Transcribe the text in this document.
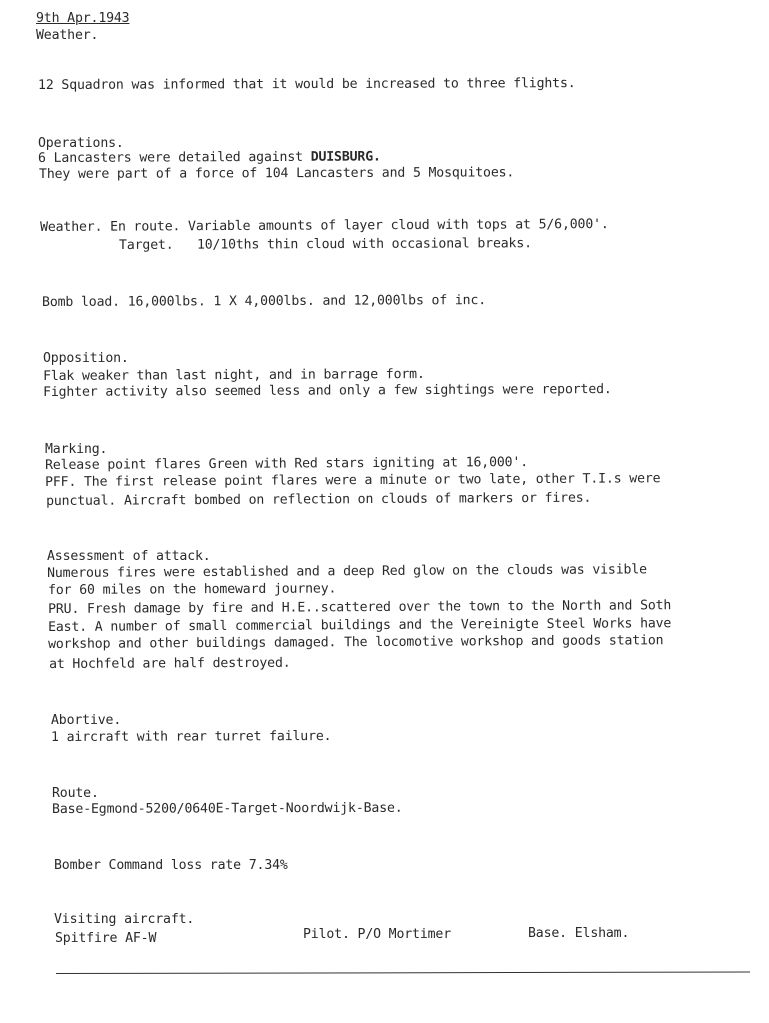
9th Apr.1943
Weather.
12 Squadron was informed that it would be increased to three flights.
Operations.
6 Lancasters were detailed against DUISBURG.
They were part of a force of 104 Lancasters and 5 Mosquitoes.
Weather. En route. Variable amounts of layer cloud with tops at 5/6,000'.
Target.   10/10ths thin cloud with occasional breaks.
Bomb load. 16,000lbs. 1 X 4,000lbs. and 12,000lbs of inc.
Opposition.
Flak weaker than last night, and in barrage form.
Fighter activity also seemed less and only a few sightings were reported.
Marking.
Release point flares Green with Red stars igniting at 16,000'.
PFF. The first release point flares were a minute or two late, other T.I.s were
punctual. Aircraft bombed on reflection on clouds of markers or fires.
Assessment of attack.
Numerous fires were established and a deep Red glow on the clouds was visible
for 60 miles on the homeward journey.
PRU. Fresh damage by fire and H.E..scattered over the town to the North and Soth
East. A number of small commercial buildings and the Vereinigte Steel Works have
workshop and other buildings damaged. The locomotive workshop and goods station
at Hochfeld are half destroyed.
Abortive.
1 aircraft with rear turret failure.
Route.
Base-Egmond-5200/0640E-Target-Noordwijk-Base.
Bomber Command loss rate 7.34%
Visiting aircraft.
Spitfire AF-W	Pilot. P/O Mortimer	Base. Elsham.
